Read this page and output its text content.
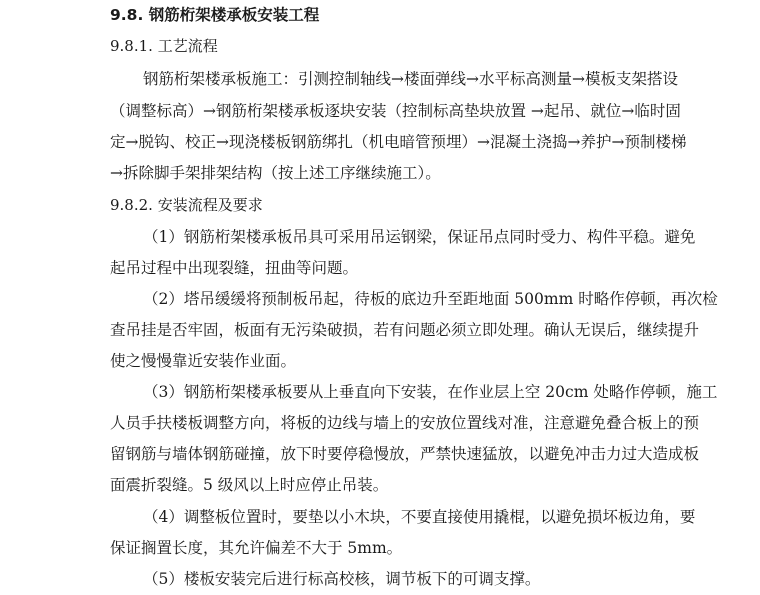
9.8. 钢筋桁架楼承板安装工程
9.8.1. 工艺流程
钢筋桁架楼承板施工：引测控制轴线→楼面弹线→水平标高测量→模板支架搭设
（调整标高）→钢筋桁架楼承板逐块安装（控制标高垫块放置 →起吊、就位→临时固
定→脱钩、校正→现浇楼板钢筋绑扎（机电暗管预埋）→混凝土浇捣→养护→预制楼梯
→拆除脚手架排架结构（按上述工序继续施工）。
9.8.2. 安装流程及要求
（1）钢筋桁架楼承板吊具可采用吊运钢梁，保证吊点同时受力、构件平稳。避免
起吊过程中出现裂缝，扭曲等问题。
（2）塔吊缓缓将预制板吊起，待板的底边升至距地面 500mm 时略作停顿，再次检
查吊挂是否牢固，板面有无污染破损，若有问题必须立即处理。确认无误后，继续提升
使之慢慢靠近安装作业面。
（3）钢筋桁架楼承板要从上垂直向下安装，在作业层上空 20cm 处略作停顿，施工
人员手扶楼板调整方向，将板的边线与墙上的安放位置线对准，注意避免叠合板上的预
留钢筋与墙体钢筋碰撞，放下时要停稳慢放，严禁快速猛放，以避免冲击力过大造成板
面震折裂缝。5 级风以上时应停止吊装。
（4）调整板位置时，要垫以小木块，不要直接使用撬棍，以避免损坏板边角，要
保证搁置长度，其允许偏差不大于 5mm。
（5）楼板安装完后进行标高校核，调节板下的可调支撑。
